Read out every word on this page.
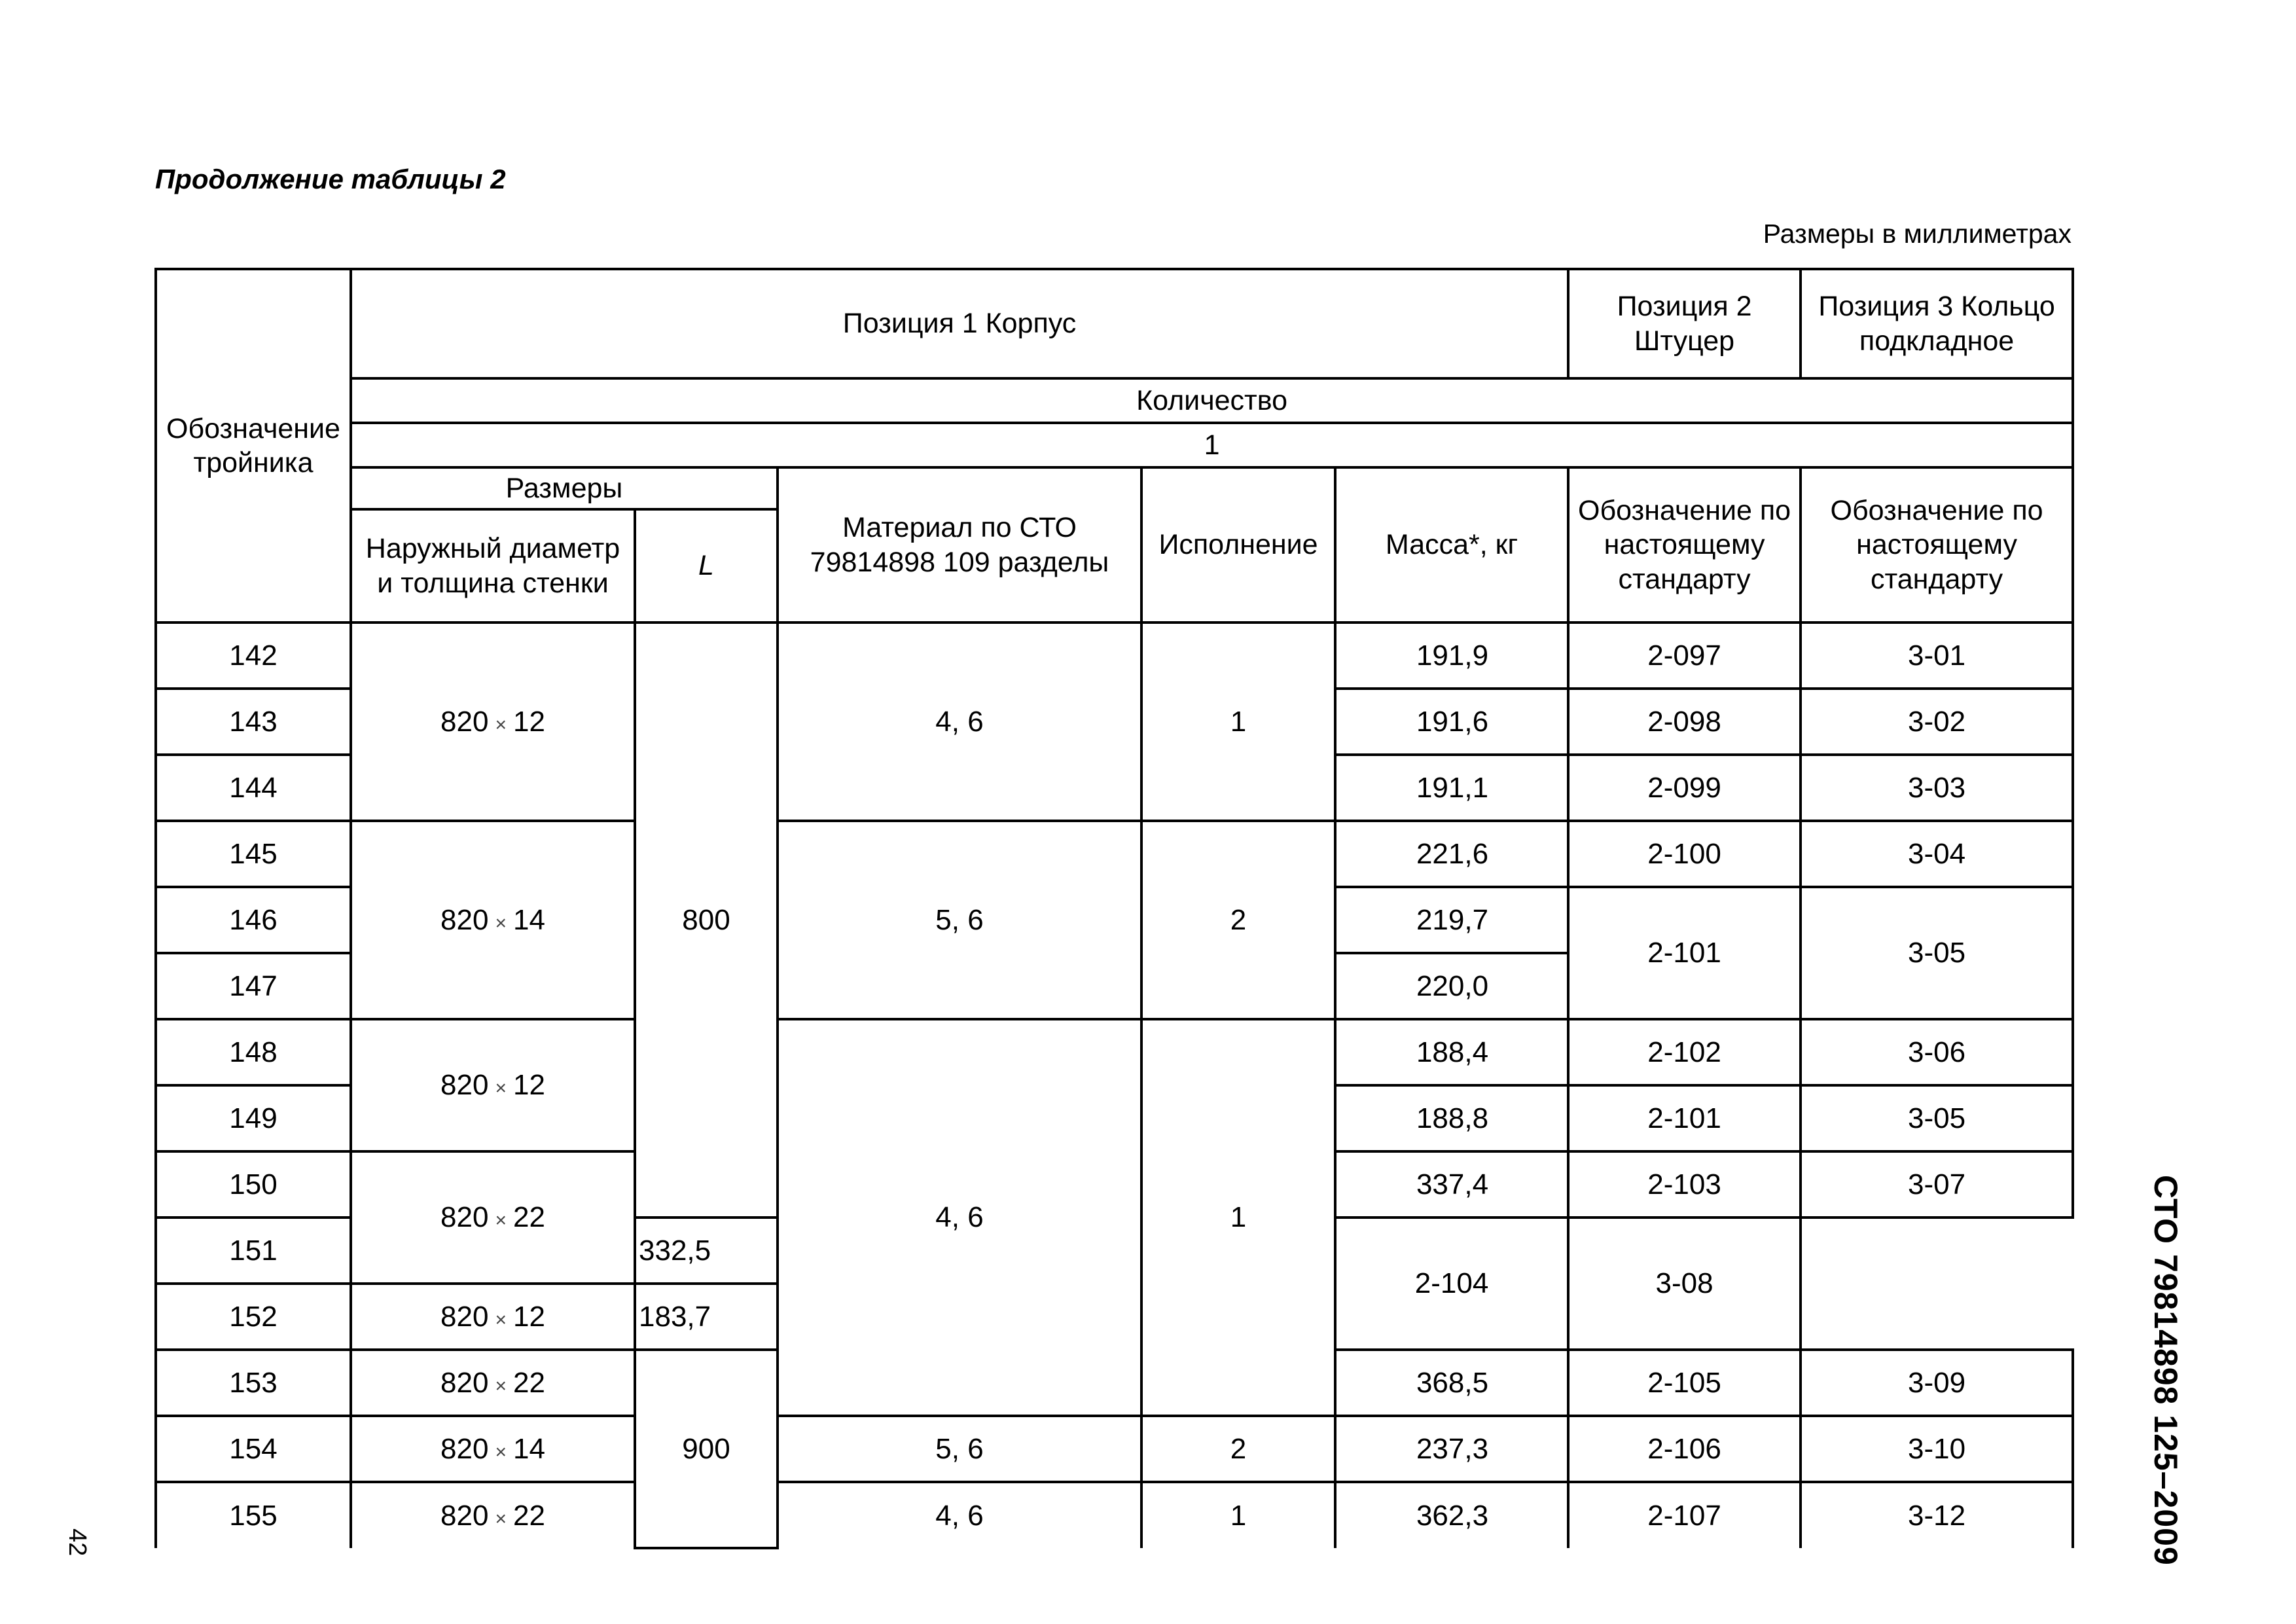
Продолжение таблицы 2
Размеры в миллиметрах
Обозначение тройника	Позиция 1 Корпус					Позиция 2 Штуцер	Позиция 3 Кольцо подкладное
	Количество						
	1						
	Размеры		Материал по СТО 79814898 109 разделы	Исполнение	Масса*, кг	Обозначение по настоящему стандарту	Обозначение по настоящему стандарту
	Наружный диаметр и толщина стенки	L					
142	820 × 12	800	4, 6	1	191,9	2-097	3-01
143					191,6	2-098	3-02
144					191,1	2-099	3-03
145	820 × 14		5, 6	2	221,6	2-100	3-04
146					219,7	2-101	3-05
147					220,0		
148	820 × 12		4, 6	1	188,4	2-102	3-06
149					188,8	2-101	3-05
150	820 × 22				337,4	2-103	3-07
151		332,5			2-104	3-08	
152	820 × 12	183,7					
153	820 × 22	900			368,5	2-105	3-09
154	820 × 14		5, 6	2	237,3	2-106	3-10
155	820 × 22		4, 6	1	362,3	2-107	3-12	СТО 79814898 125–2009
42
